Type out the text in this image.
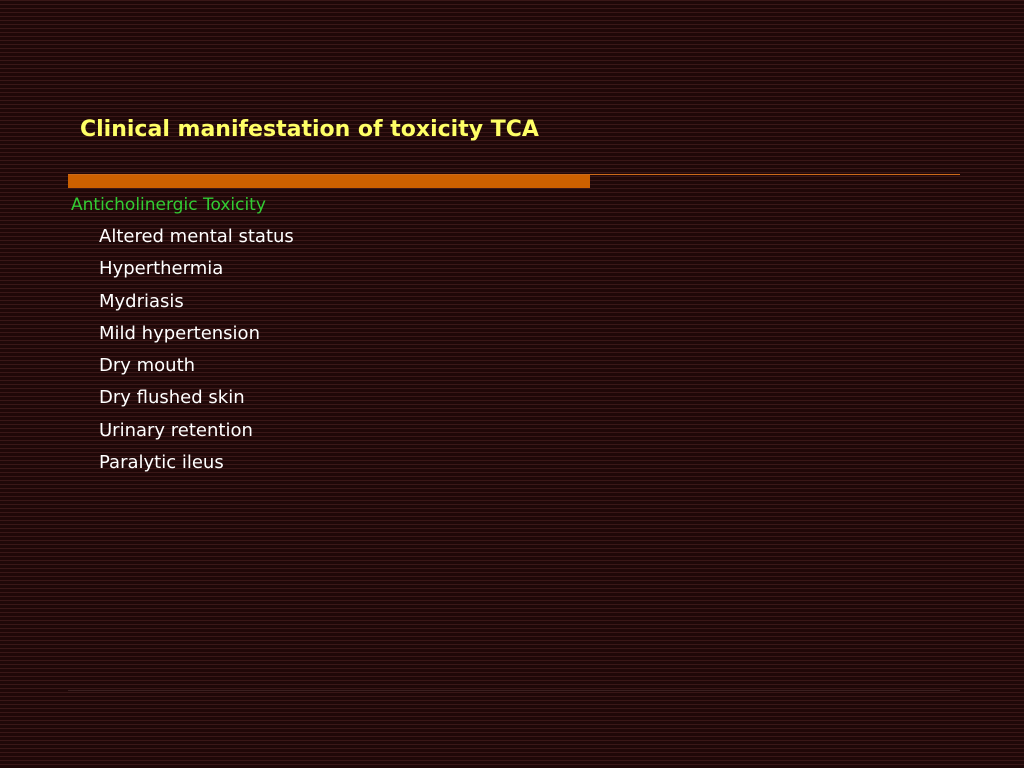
Clinical manifestation of toxicity TCA
Anticholinergic Toxicity
Altered mental status
Hyperthermia
Mydriasis
Mild hypertension
Dry mouth
Dry flushed skin
Urinary retention
Paralytic ileus
